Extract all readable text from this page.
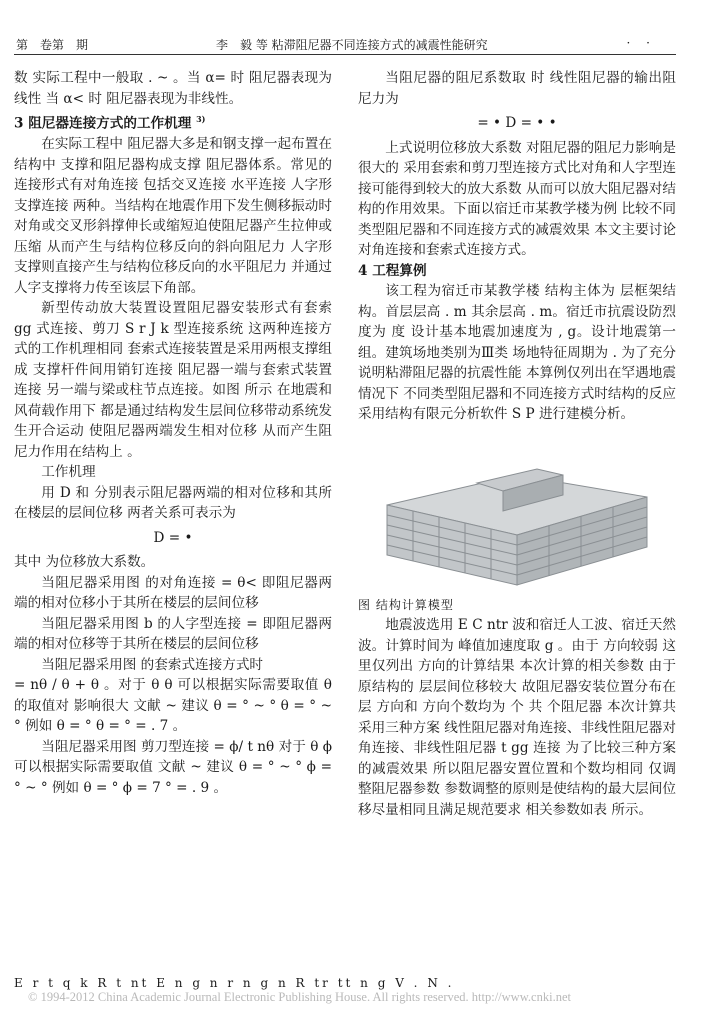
第　卷第　期	李　毅 等 粘滞阻尼器不同连接方式的减震性能研究	· ·

数 实际工程中一般取 . ~ 。当 α= 时 阻尼器表现为线性 当 α< 时 阻尼器表现为非线性。

3 阻尼器连接方式的工作机理 $^{3)}$

在实际工程中 阻尼器大多是和钢支撑一起布置在结构中 支撑和阻尼器构成支撑 阻尼器体系。常见的连接形式有对角连接 包括交叉连接 水平连接 人字形支撑连接 两种。当结构在地震作用下发生侧移振动时 对角或交叉形斜撑伸长或缩短迫使阻尼器产生拉伸或压缩 从而产生与结构位移反向的斜向阻尼力 人字形支撑则直接产生与结构位移反向的水平阻尼力 并通过人字支撑将力传至该层下角部。

新型传动放大装置设置阻尼器安装形式有套索 gg 式连接、剪刀 S r J k 型连接系统 这两种连接方式的工作机理相同 套索式连接装置是采用两根支撑组成 支撑杆件间用销钉连接 阻尼器一端与套索式装置连接 另一端与梁或柱节点连接。如图 所示 在地震和风荷载作用下 都是通过结构发生层间位移带动系统发生开合运动 使阻尼器两端发生相对位移 从而产生阻尼力作用在结构上 。

工作机理

用 D 和 分别表示阻尼器两端的相对位移和其所在楼层的层间位移 两者关系可表示为

D = •

其中 为位移放大系数。

当阻尼器采用图 的对角连接 = θ< 即阻尼器两端的相对位移小于其所在楼层的层间位移

当阻尼器采用图 b 的人字型连接 = 即阻尼器两端的相对位移等于其所在楼层的层间位移

当阻尼器采用图 的套索式连接方式时

= nθ / θ + θ 。对于 θ θ 可以根据实际需要取值 θ 的取值对 影响很大 文献 ~ 建议 θ = ° ~ ° θ = ° ~ ° 例如 θ = ° θ = ° = . 7 。

当阻尼器采用图 剪刀型连接 = ϕ/ t nθ 对于 θ ϕ 可以根据实际需要取值 文献 ~ 建议 θ = ° ~ ° ϕ = ° ~ ° 例如 θ = ° ϕ = 7 ° = . 9 。

当阻尼器的阻尼系数取 时 线性阻尼器的输出阻尼力为

= • D = • •

上式说明位移放大系数 对阻尼器的阻尼力影响是很大的 采用套索和剪刀型连接方式比对角和人字型连接可能得到较大的放大系数 从而可以放大阻尼器对结构的作用效果。下面以宿迁市某教学楼为例 比较不同类型阻尼器和不同连接方式的减震效果 本文主要讨论对角连接和套索式连接方式。

4 工程算例

该工程为宿迁市某教学楼 结构主体为 层框架结构。首层层高 . m 其余层高 . m。宿迁市抗震设防烈度为 度 设计基本地震加速度为 , g。设计地震第一组。建筑场地类别为Ⅲ类 场地特征周期为 . 为了充分说明粘滞阻尼器的抗震性能 本算例仅列出在罕遇地震情况下 不同类型阻尼器和不同连接方式时结构的反应 采用结构有限元分析软件 S P 进行建模分析。

图 结构计算模型

地震波选用 E C ntr 波和宿迁人工波、宿迁天然波。计算时间为 峰值加速度取 g 。由于 方向较弱 这里仅列出 方向的计算结果 本次计算的相关参数 由于原结构的 层层间位移较大 故阻尼器安装位置分布在 层 方向和 方向个数均为 个 共 个阻尼器 本次计算共采用三种方案 线性阻尼器对角连接、非线性阻尼器对角连接、非线性阻尼器 t gg 连接 为了比较三种方案的减震效果 所以阻尼器安置位置和个数均相同 仅调整阻尼器参数 参数调整的原则是使结构的最大层间位移尽量相同且满足规范要求 相关参数如表 所示。

E r t q k R t nt E n g n r n g n R tr tt n g V . N .
© 1994-2012 China Academic Journal Electronic Publishing House. All rights reserved. http://www.cnki.net
